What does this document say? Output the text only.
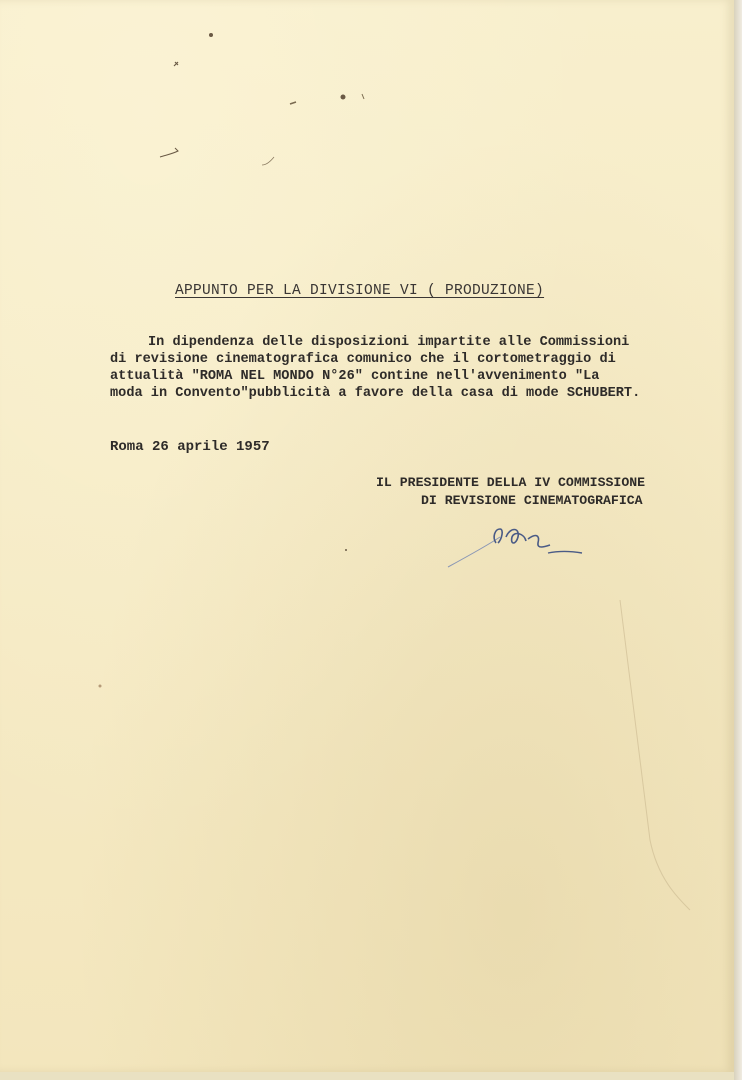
APPUNTO PER LA DIVISIONE VI ( PRODUZIONE)
In dipendenza delle disposizioni impartite alle Commissioni
di revisione cinematografica comunico che il cortometraggio di
attualità "ROMA NEL MONDO N°26" contine nell'avvenimento "La
moda in Convento"pubblicità a favore della casa di mode SCHUBERT.
Roma 26 aprile 1957
IL PRESIDENTE DELLA IV COMMISSIONE
DI REVISIONE CINEMATOGRAFICA
